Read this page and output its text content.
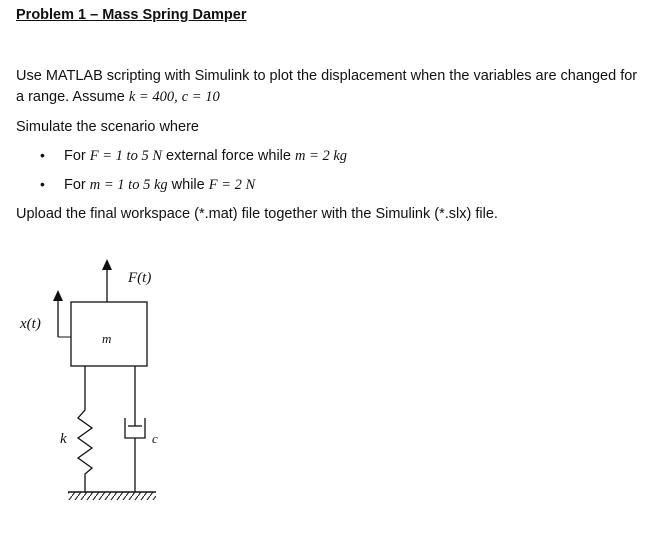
Problem 1 – Mass Spring Damper
Use MATLAB scripting with Simulink to plot the displacement when the variables are changed for
a range. Assume k = 400, c = 10
Simulate the scenario where
• For F = 1 to 5 N external force while m = 2 kg
• For m = 1 to 5 kg while F = 2 N
Upload the final workspace (*.mat) file together with the Simulink (*.slx) file.
F(t)
m
x(t)
k	c
